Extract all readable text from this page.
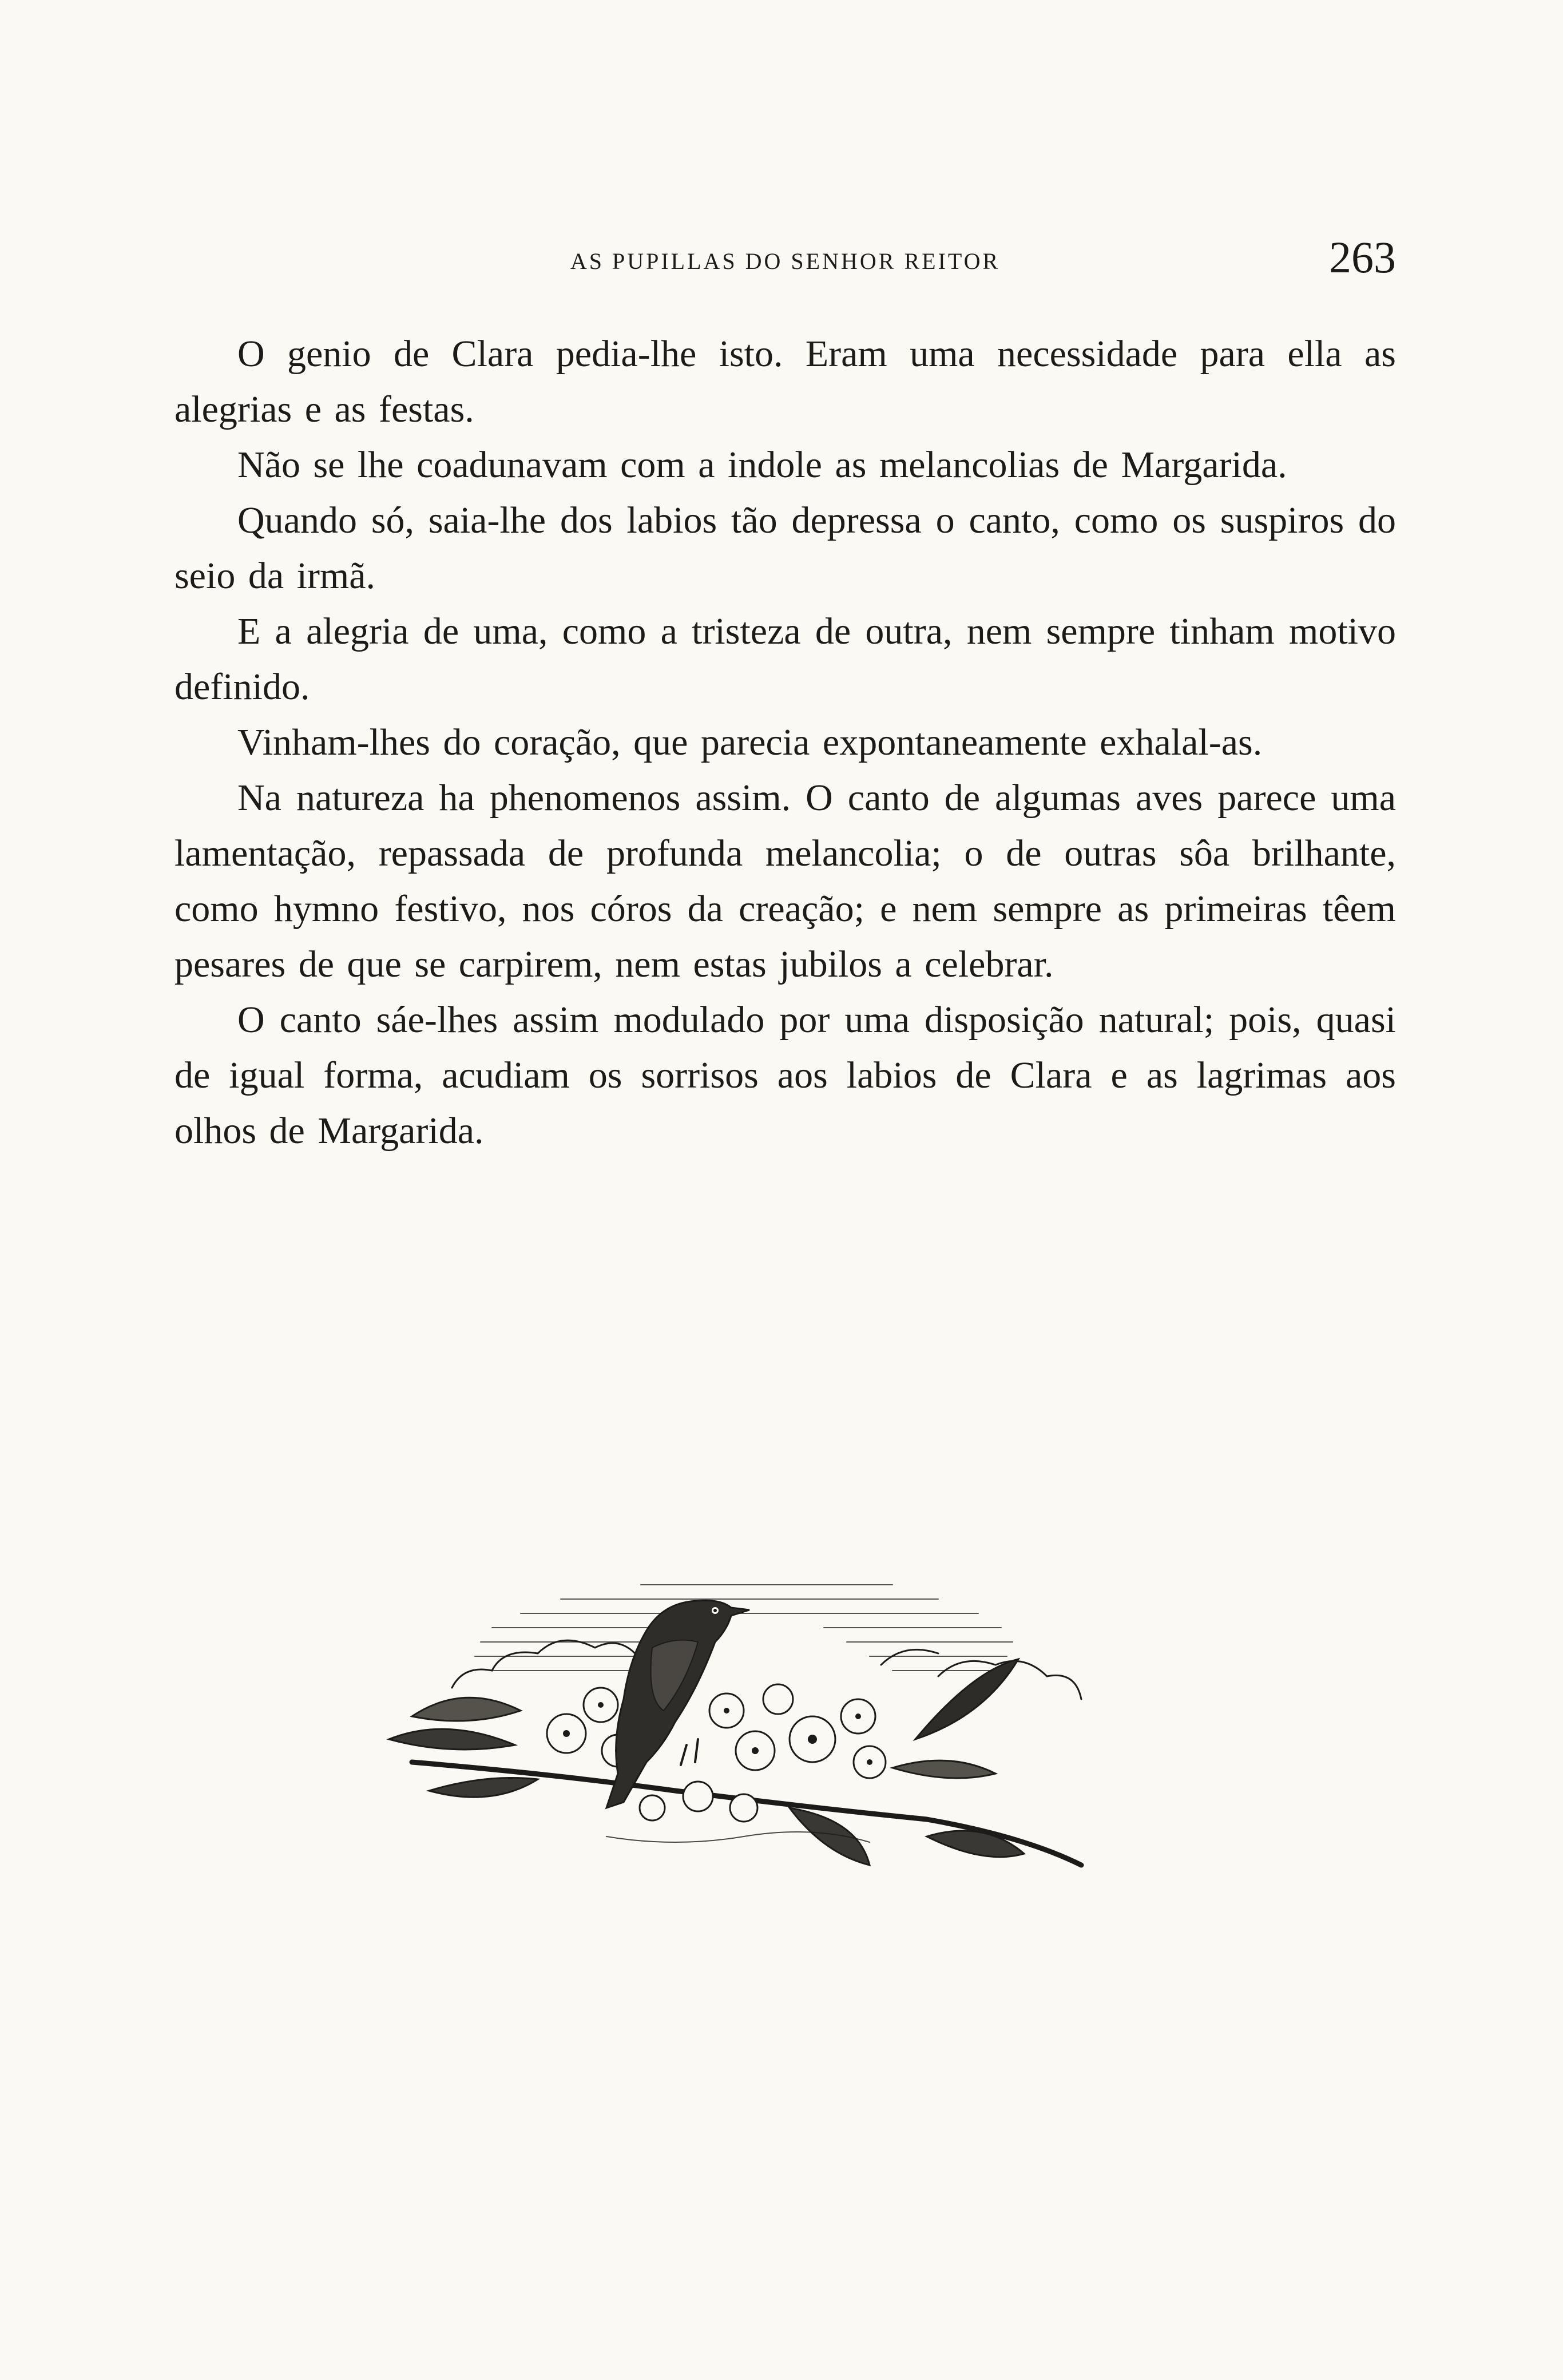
AS PUPILLAS DO SENHOR REITOR	263

O genio de Clara pedia-lhe isto. Eram uma necessidade para ella as alegrias e as festas.

Não se lhe coadunavam com a indole as melancolias de Margarida.

Quando só, saia-lhe dos labios tão depressa o canto, como os suspiros do seio da irmã.

E a alegria de uma, como a tristeza de outra, nem sempre tinham motivo definido.

Vinham-lhes do coração, que parecia expontaneamente exhalal-as.

Na natureza ha phenomenos assim. O canto de algumas aves parece uma lamentação, repassada de profunda melancolia; o de outras sôa brilhante, como hymno festivo, nos córos da creação; e nem sempre as primeiras têem pesares de que se carpirem, nem estas jubilos a celebrar.

O canto sáe-lhes assim modulado por uma disposição natural; pois, quasi de igual forma, acudiam os sorrisos aos labios de Clara e as lagrimas aos olhos de Margarida.
